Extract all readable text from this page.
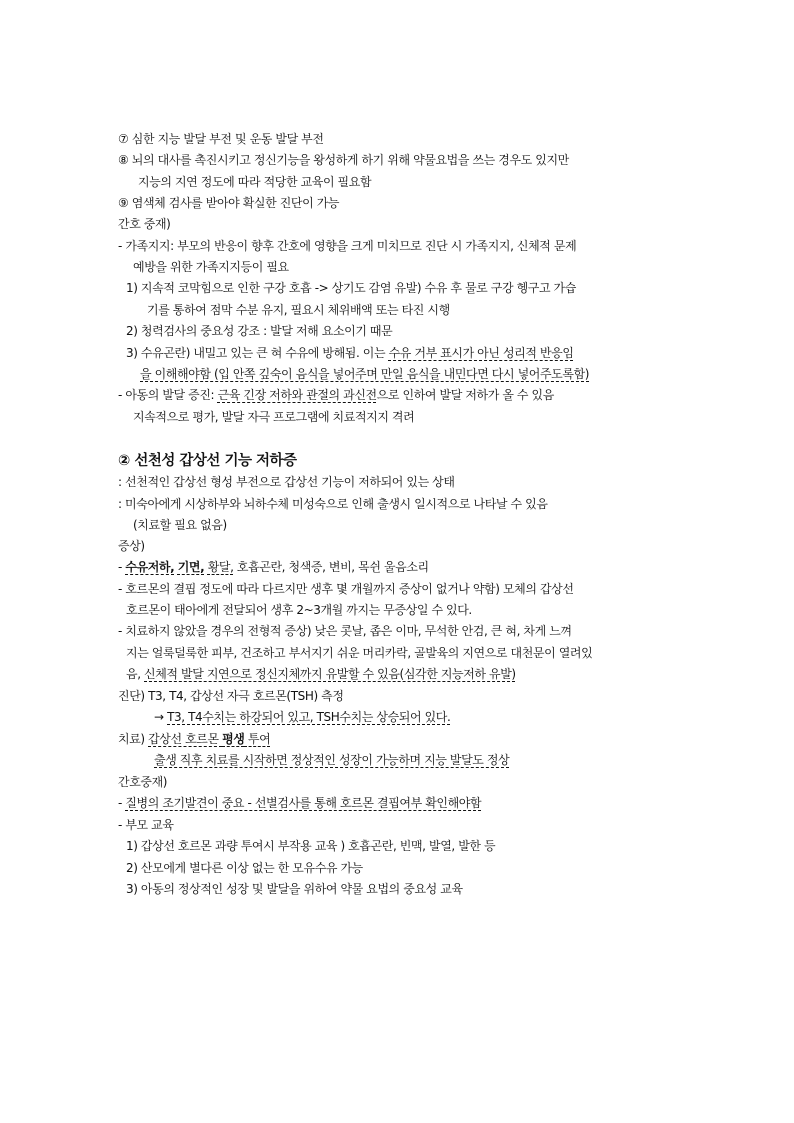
⑦ 심한 지능 발달 부전 및 운동 발달 부전
⑧ 뇌의 대사를 촉진시키고 정신기능을 왕성하게 하기 위해 약물요법을 쓰는 경우도 있지만
지능의 지연 정도에 따라 적당한 교육이 필요함
⑨ 염색체 검사를 받아야 확실한 진단이 가능
간호 중재)
- 가족지지: 부모의 반응이 향후 간호에 영향을 크게 미치므로 진단 시 가족지지, 신체적 문제
예방을 위한 가족지지등이 필요
1) 지속적 코막힘으로 인한 구강 호흡 -> 상기도 감염 유발) 수유 후 물로 구강 헹구고 가습
기를 통하여 점막 수분 유지, 필요시 체위배액 또는 타진 시행
2) 청력검사의 중요성 강조 : 발달 저해 요소이기 때문
3) 수유곤란) 내밀고 있는 큰 혀 수유에 방해됨. 이는 수유 거부 표시가 아닌 성리적 반응임
을 이해해야함 (입 안쪽 깊숙이 음식을 넣어주며 만일 음식을 내민다면 다시 넣어주도록함)
- 아동의 발달 증진: 근육 긴장 저하와 관절의 과신전으로 인하여 발달 저하가 올 수 있음
지속적으로 평가, 발달 자극 프로그램에 치료적지지 격려
② 선천성 갑상선 기능 저하증
: 선천적인 갑상선 형성 부전으로 갑상선 기능이 저하되어 있는 상태
: 미숙아에게 시상하부와 뇌하수체 미성숙으로 인해 출생시 일시적으로 나타날 수 있음
(치료할 필요 없음)
증상)
- 수유저하, 기면, 황달, 호흡곤란, 청색증, 변비, 목쉰 울음소리
- 호르몬의 결핍 정도에 따라 다르지만 생후 몇 개월까지 증상이 없거나 약함) 모체의 갑상선
호르몬이 태아에게 전달되어 생후 2~3개월 까지는 무증상일 수 있다.
- 치료하지 않았을 경우의 전형적 증상) 낮은 콧날, 좁은 이마, 무석한 안검, 큰 혀, 차게 느껴
지는 얼룩덜룩한 피부, 건조하고 부서지기 쉬운 머리카락, 골발육의 지연으로 대천문이 열려있
음, 신체적 발달 지연으로 정신지체까지 유발할 수 있음(심각한 지능저하 유발)
진단) T3, T4, 갑상선 자극 호르몬(TSH) 측정
→ T3, T4수치는 하강되어 있고, TSH수치는 상승되어 있다.
치료) 갑상선 호르몬 평생 투여
출생 직후 치료를 시작하면 정상적인 성장이 가능하며 지능 발달도 정상
간호중재)
- 질병의 조기발견이 중요 - 선별검사를 통해 호르몬 결핍여부 확인해야함
- 부모 교육
1) 갑상선 호르몬 과량 투여시 부작용 교육 ) 호흡곤란, 빈맥, 발열, 발한 등
2) 산모에게 별다른 이상 없는 한 모유수유 가능
3) 아동의 정상적인 성장 및 발달을 위하여 약물 요법의 중요성 교육
